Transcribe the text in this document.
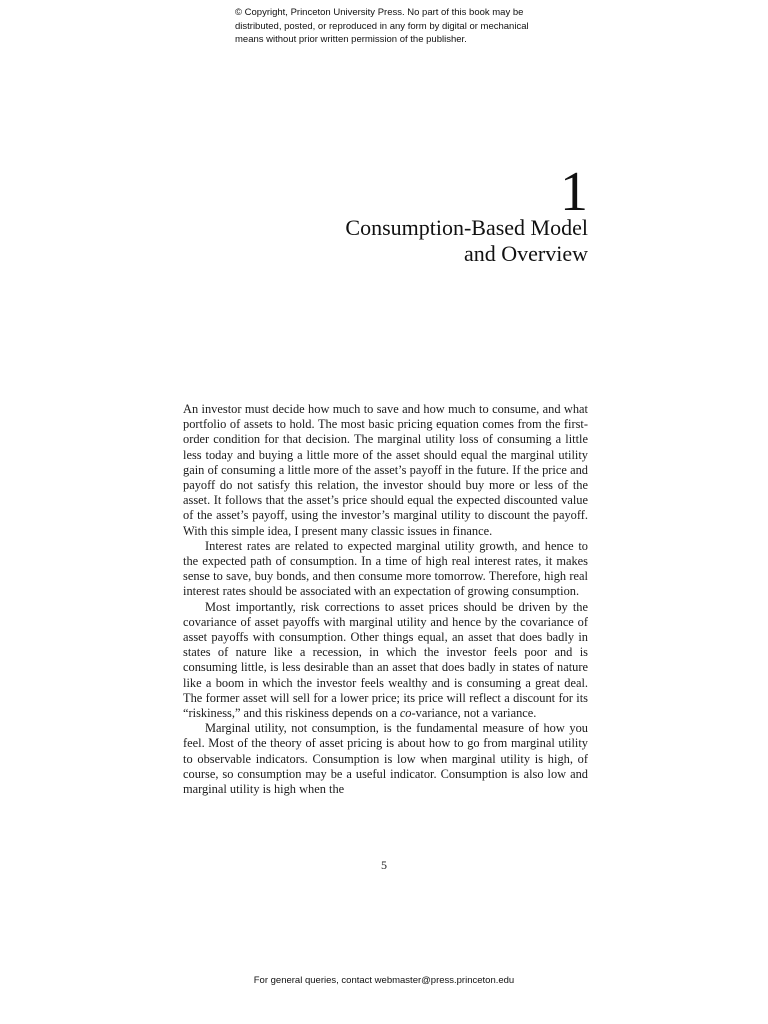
© Copyright, Princeton University Press. No part of this book may be
distributed, posted, or reproduced in any form by digital or mechanical
means without prior written permission of the publisher.
1
Consumption-Based Model
and Overview

An investor must decide how much to save and how much to consume, and what portfolio of assets to hold. The most basic pricing equation comes from the first-order condition for that decision. The marginal utility loss of consuming a little less today and buying a little more of the asset should equal the marginal utility gain of consuming a little more of the asset’s payoff in the future. If the price and payoff do not satisfy this relation, the investor should buy more or less of the asset. It follows that the asset’s price should equal the expected discounted value of the asset’s payoff, using the investor’s marginal utility to discount the payoff. With this simple idea, I present many classic issues in finance.

Interest rates are related to expected marginal utility growth, and hence to the expected path of consumption. In a time of high real interest rates, it makes sense to save, buy bonds, and then consume more tomorrow. Therefore, high real interest rates should be associated with an expectation of growing consumption.

Most importantly, risk corrections to asset prices should be driven by the covariance of asset payoffs with marginal utility and hence by the covariance of asset payoffs with consumption. Other things equal, an asset that does badly in states of nature like a recession, in which the investor feels poor and is consuming little, is less desirable than an asset that does badly in states of nature like a boom in which the investor feels wealthy and is consuming a great deal. The former asset will sell for a lower price; its price will reflect a discount for its “riskiness,” and this riskiness depends on a co-variance, not a variance.

Marginal utility, not consumption, is the fundamental measure of how you feel. Most of the theory of asset pricing is about how to go from marginal utility to observable indicators. Consumption is low when marginal utility is high, of course, so consumption may be a useful indicator. Consumption is also low and marginal utility is high when the

5
For general queries, contact webmaster@press.princeton.edu
